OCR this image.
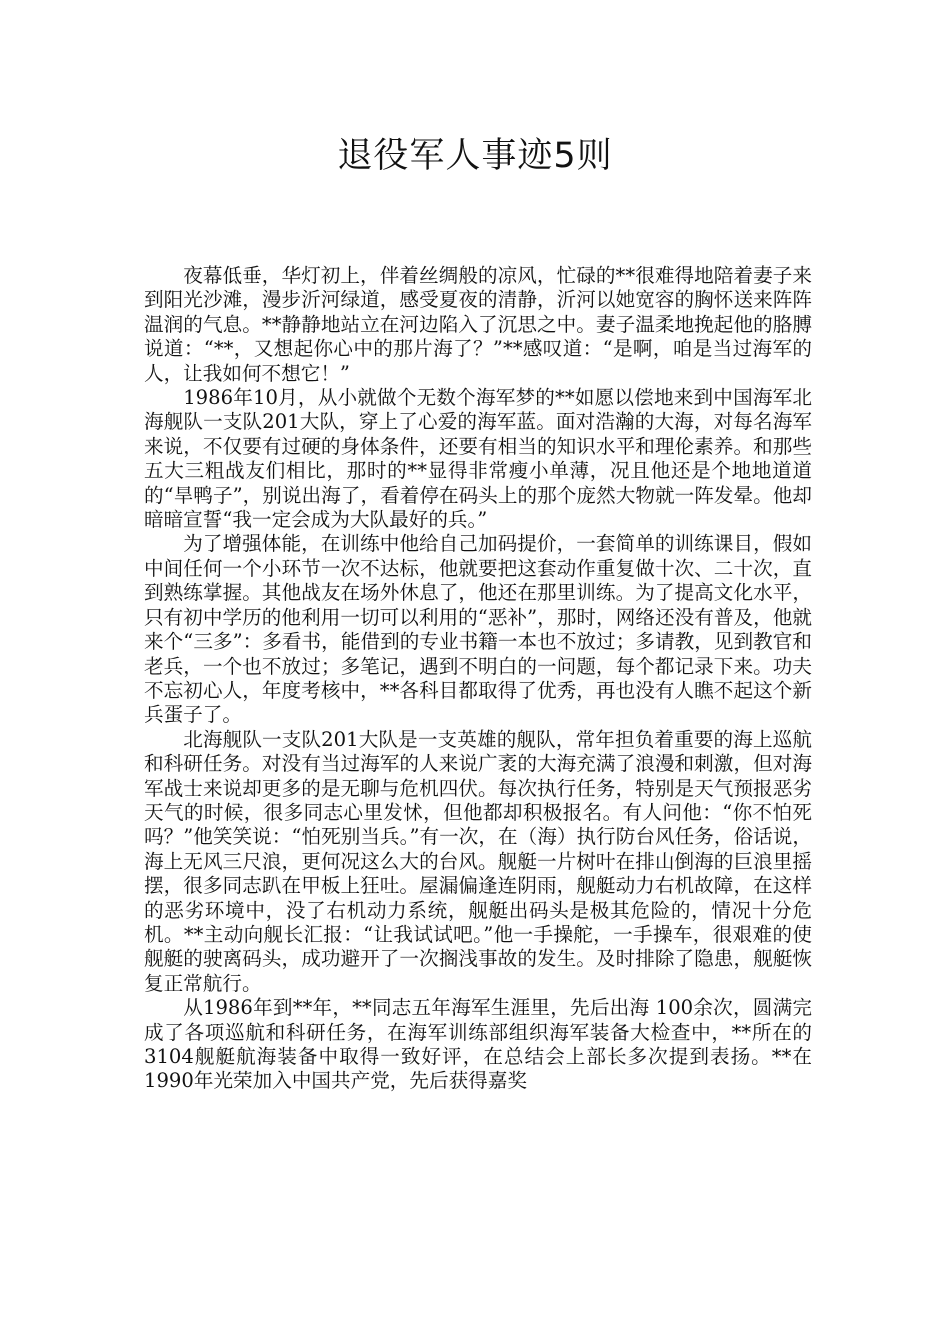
退役军人事迹5则

夜幕低垂，华灯初上，伴着丝绸般的凉风，忙碌的**很难得地陪着妻子来到阳光沙滩，漫步沂河绿道，感受夏夜的清静，沂河以她宽容的胸怀送来阵阵温润的气息。**静静地站立在河边陷入了沉思之中。妻子温柔地挽起他的胳膊说道：“**，又想起你心中的那片海了？”**感叹道：“是啊，咱是当过海军的人，让我如何不想它！”

1986年10月，从小就做个无数个海军梦的**如愿以偿地来到中国海军北海舰队一支队201大队，穿上了心爱的海军蓝。面对浩瀚的大海，对每名海军来说，不仅要有过硬的身体条件，还要有相当的知识水平和理伦素养。和那些五大三粗战友们相比，那时的**显得非常瘦小单薄，况且他还是个地地道道的“旱鸭子”，别说出海了，看着停在码头上的那个庞然大物就一阵发晕。他却暗暗宣誓“我一定会成为大队最好的兵。”

为了增强体能，在训练中他给自己加码提价，一套简单的训练课目，假如中间任何一个小环节一次不达标，他就要把这套动作重复做十次、二十次，直到熟练掌握。其他战友在场外休息了，他还在那里训练。为了提高文化水平，只有初中学历的他利用一切可以利用的“恶补”，那时，网络还没有普及，他就来个“三多”：多看书，能借到的专业书籍一本也不放过；多请教，见到教官和老兵，一个也不放过；多笔记，遇到不明白的一问题，每个都记录下来。功夫不忘初心人，年度考核中，**各科目都取得了优秀，再也没有人瞧不起这个新兵蛋子了。

北海舰队一支队201大队是一支英雄的舰队，常年担负着重要的海上巡航和科研任务。对没有当过海军的人来说广袤的大海充满了浪漫和刺激，但对海军战士来说却更多的是无聊与危机四伏。每次执行任务，特别是天气预报恶劣天气的时候，很多同志心里发怵，但他都却积极报名。有人问他：“你不怕死吗？”他笑笑说：“怕死别当兵。”有一次，在（海）执行防台风任务，俗话说，海上无风三尺浪，更何况这么大的台风。舰艇一片树叶在排山倒海的巨浪里摇摆，很多同志趴在甲板上狂吐。屋漏偏逢连阴雨，舰艇动力右机故障，在这样的恶劣环境中，没了右机动力系统，舰艇出码头是极其危险的，情况十分危机。**主动向舰长汇报：“让我试试吧。”他一手操舵，一手操车，很艰难的使舰艇的驶离码头，成功避开了一次搁浅事故的发生。及时排除了隐患，舰艇恢复正常航行。

从1986年到**年，**同志五年海军生涯里，先后出海 100余次，圆满完成了各项巡航和科研任务，在海军训练部组织海军装备大检查中，**所在的3104舰艇航海装备中取得一致好评，在总结会上部长多次提到表扬。**在1990年光荣加入中国共产党，先后获得嘉奖
